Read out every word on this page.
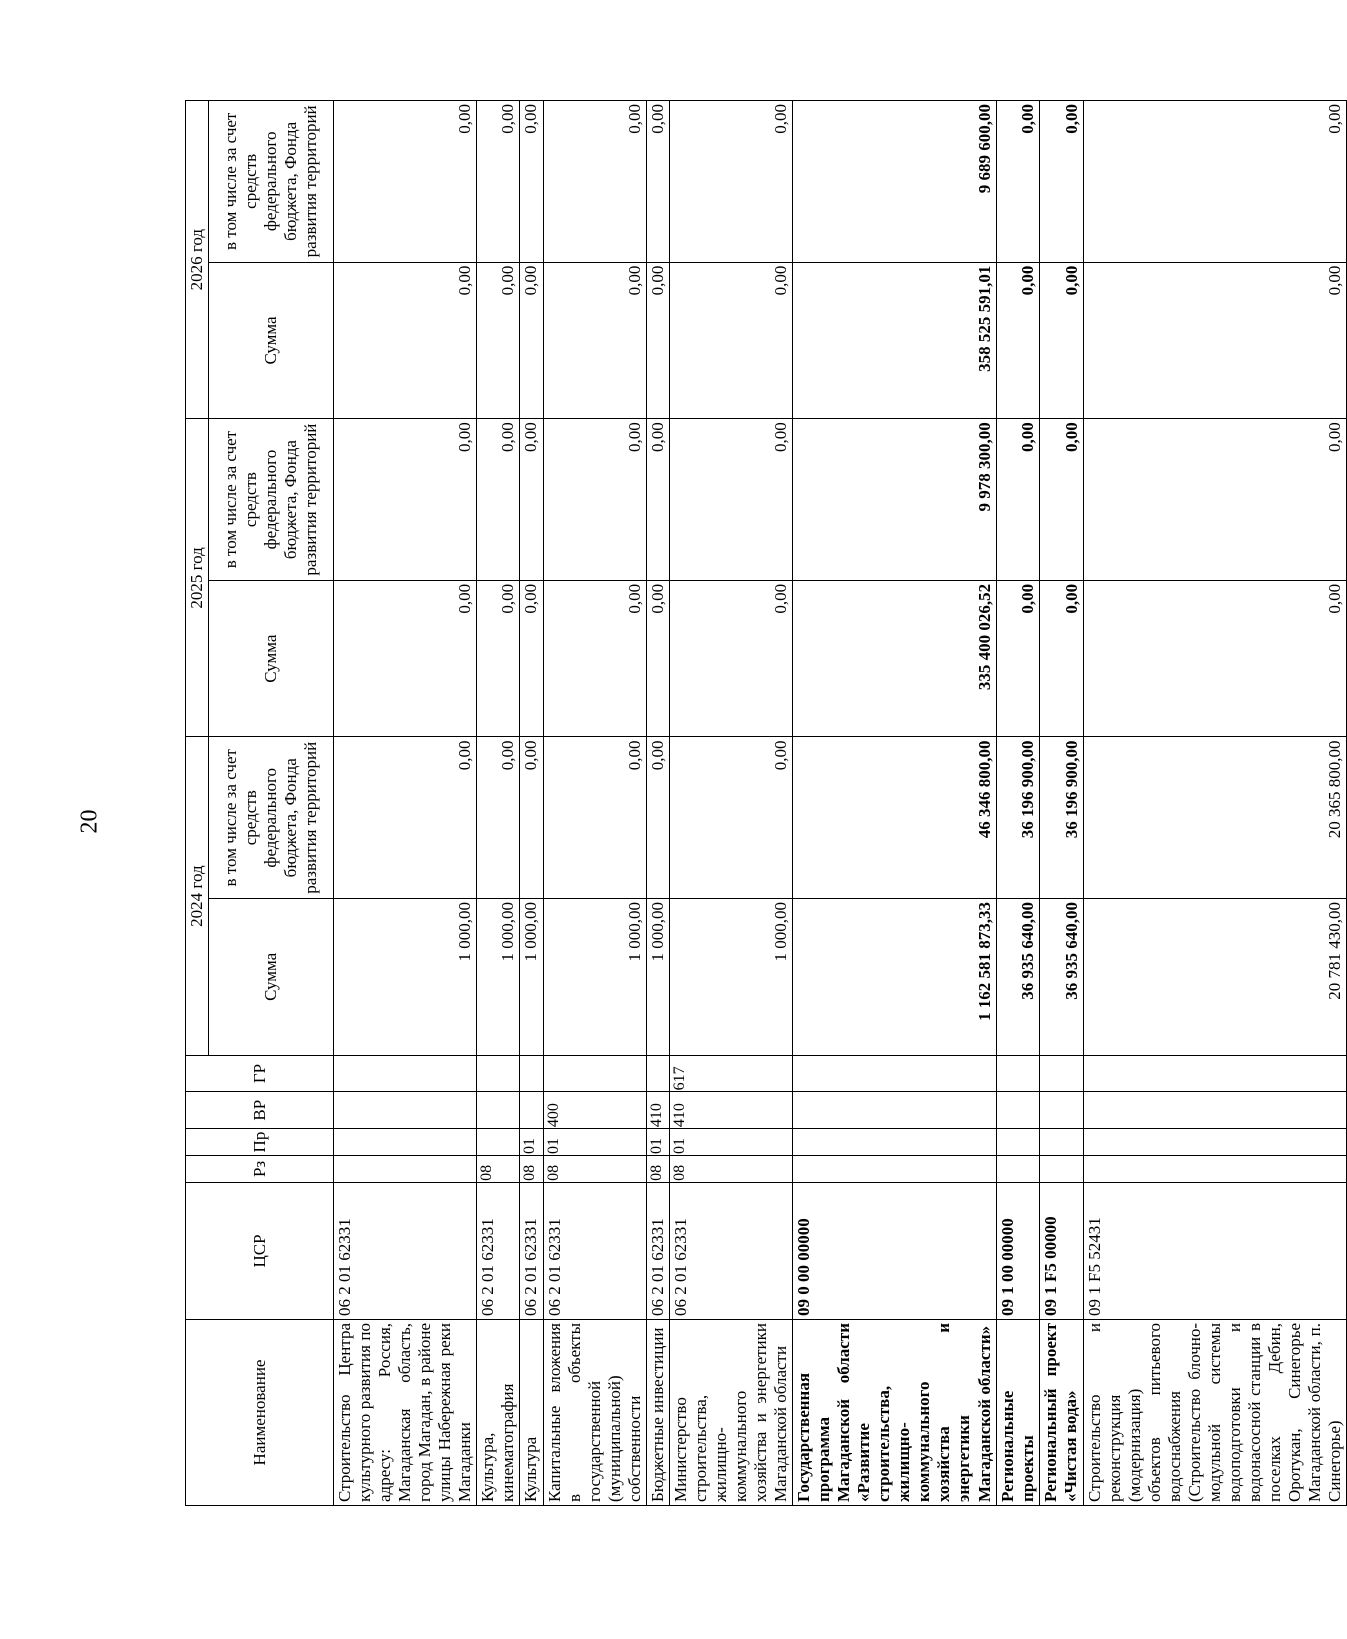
20
Наименование	ЦСР	Рз	Пр	ВР	ГР	2024 год		2025 год		2026 год	
						Сумма	в том числе за счет средств федерального бюджета, Фонда развития территорий	Сумма	в том числе за счет средств федерального бюджета, Фонда развития территорий	Сумма	в том числе за счет средств федерального бюджета, Фонда развития территорий
Строительство Центра культурного развития по адресу: Россия, Магаданская область, город Магадан, в районе улицы Набережная реки Магаданки	06 2 01 62331					1 000,00	0,00	0,00	0,00	0,00	0,00
Культура, кинематография	06 2 01 62331	08				1 000,00	0,00	0,00	0,00	0,00	0,00
Культура	06 2 01 62331	08	01			1 000,00	0,00	0,00	0,00	0,00	0,00
Капитальные вложения в объекты государственной (муниципальной) собственности	06 2 01 62331	08	01	400		1 000,00	0,00	0,00	0,00	0,00	0,00
Бюджетные инвестиции	06 2 01 62331	08	01	410		1 000,00	0,00	0,00	0,00	0,00	0,00
Министерство строительства, жилищно-коммунального хозяйства и энергетики Магаданской области	06 2 01 62331	08	01	410	617	1 000,00	0,00	0,00	0,00	0,00	0,00
Государственная программа Магаданской области «Развитие строительства, жилищно-коммунального хозяйства и энергетики Магаданской области»	09 0 00 00000					1 162 581 873,33	46 346 800,00	335 400 026,52	9 978 300,00	358 525 591,01	9 689 600,00
Региональные проекты	09 1 00 00000					36 935 640,00	36 196 900,00	0,00	0,00	0,00	0,00
Региональный проект «Чистая вода»	09 1 F5 00000					36 935 640,00	36 196 900,00	0,00	0,00	0,00	0,00
Строительство и реконструкция (модернизация) объектов питьевого водоснабжения (Строительство блочно-модульной системы водоподготовки и водонасосной станции в поселках Дебин, Оротукан, Синегорье Магаданской области, п. Синегорье)	09 1 F5 52431					20 781 430,00	20 365 800,00	0,00	0,00	0,00	0,00
